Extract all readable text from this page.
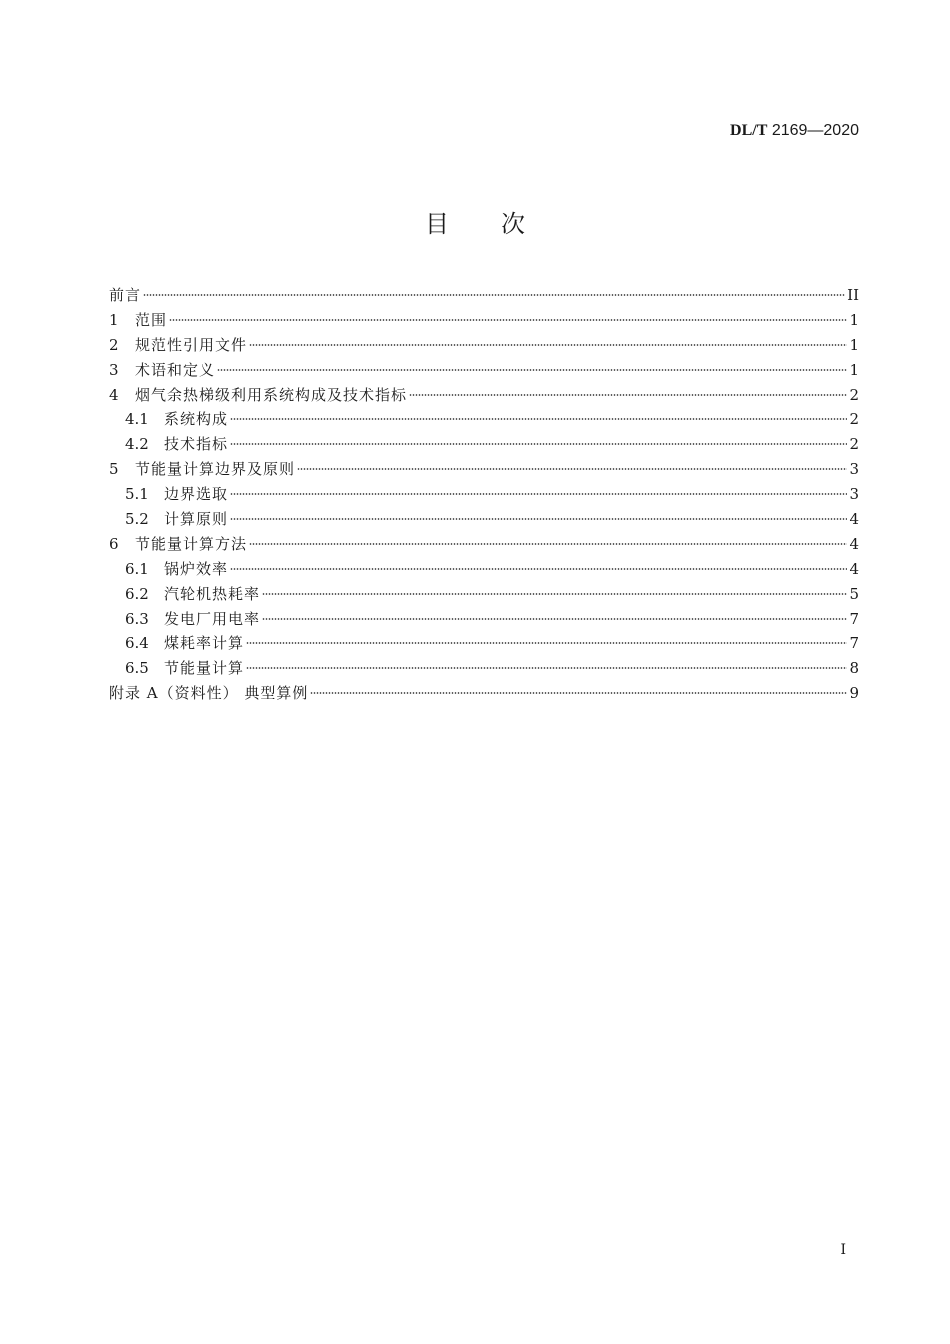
DL/T 2169—2020
目次
前言	II
1	范围	1
2	规范性引用文件	1
3	术语和定义	1
4	烟气余热梯级利用系统构成及技术指标	2
4.1	系统构成	2
4.2	技术指标	2
5	节能量计算边界及原则	3
5.1	边界选取	3
5.2	计算原则	4
6	节能量计算方法	4
6.1	锅炉效率	4
6.2	汽轮机热耗率	5
6.3	发电厂用电率	7
6.4	煤耗率计算	7
6.5	节能量计算	8
附录 A（资料性） 典型算例	9
I
